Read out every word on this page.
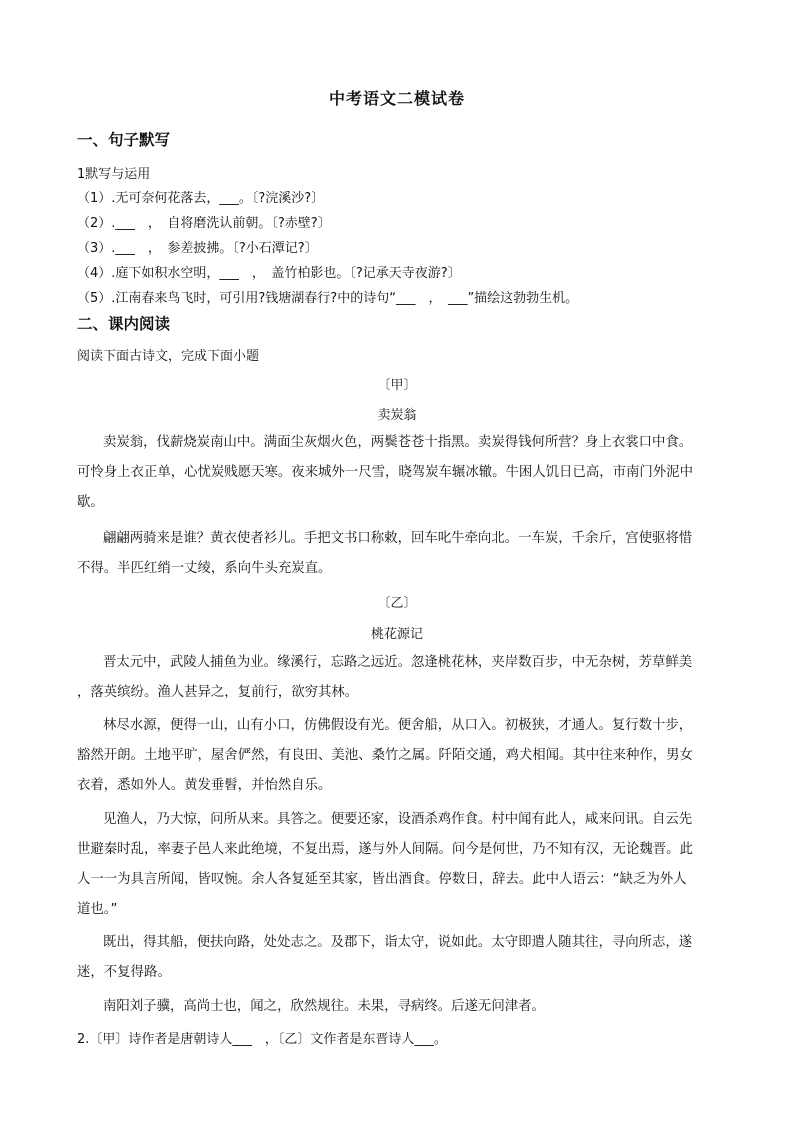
中考语文二模试卷
一、句子默写
1默写与运用
（1）.无可奈何花落去，___。〔?浣溪沙?〕
（2）.___　，　自将磨洗认前朝。〔?赤壁?〕
（3）.___　，　参差披拂。〔?小石潭记?〕
（4）.庭下如积水空明，___　，　盖竹柏影也。〔?记承天寺夜游?〕
（5）.江南春来鸟飞时，可引用?钱塘湖春行?中的诗句“___　，　___”描绘这勃勃生机。
二、课内阅读
阅读下面古诗文，完成下面小题
〔甲〕
卖炭翁
卖炭翁，伐薪烧炭南山中。满面尘灰烟火色，两鬓苍苍十指黑。卖炭得钱何所营？身上衣裳口中食。
可怜身上衣正单，心忧炭贱愿天寒。夜来城外一尺雪，晓驾炭车辗冰辙。牛困人饥日已高，市南门外泥中
歇。
翩翩两骑来是谁？黄衣使者衫儿。手把文书口称敕，回车叱牛牵向北。一车炭，千余斤，宫使驱将惜
不得。半匹红绡一丈绫，系向牛头充炭直。
〔乙〕
桃花源记
晋太元中，武陵人捕鱼为业。缘溪行，忘路之远近。忽逢桃花林，夹岸数百步，中无杂树，芳草鲜美
，落英缤纷。渔人甚异之，复前行，欲穷其林。
林尽水源，便得一山，山有小口，仿佛假设有光。便舍船，从口入。初极狭，才通人。复行数十步，
豁然开朗。土地平旷，屋舍俨然，有良田、美池、桑竹之属。阡陌交通，鸡犬相闻。其中往来种作，男女
衣着，悉如外人。黄发垂髫，并怡然自乐。
见渔人，乃大惊，问所从来。具答之。便要还家，设酒杀鸡作食。村中闻有此人，咸来问讯。自云先
世避秦时乱，率妻子邑人来此绝境，不复出焉，遂与外人间隔。问今是何世，乃不知有汉，无论魏晋。此
人一一为具言所闻，皆叹惋。余人各复延至其家，皆出酒食。停数日，辞去。此中人语云：“缺乏为外人
道也。”
既出，得其船，便扶向路，处处志之。及郡下，诣太守，说如此。太守即遣人随其往，寻向所志，遂
迷，不复得路。
南阳刘子骥，高尚士也，闻之，欣然规往。未果，寻病终。后遂无问津者。
2.〔甲〕诗作者是唐朝诗人___　，〔乙〕文作者是东晋诗人___。
